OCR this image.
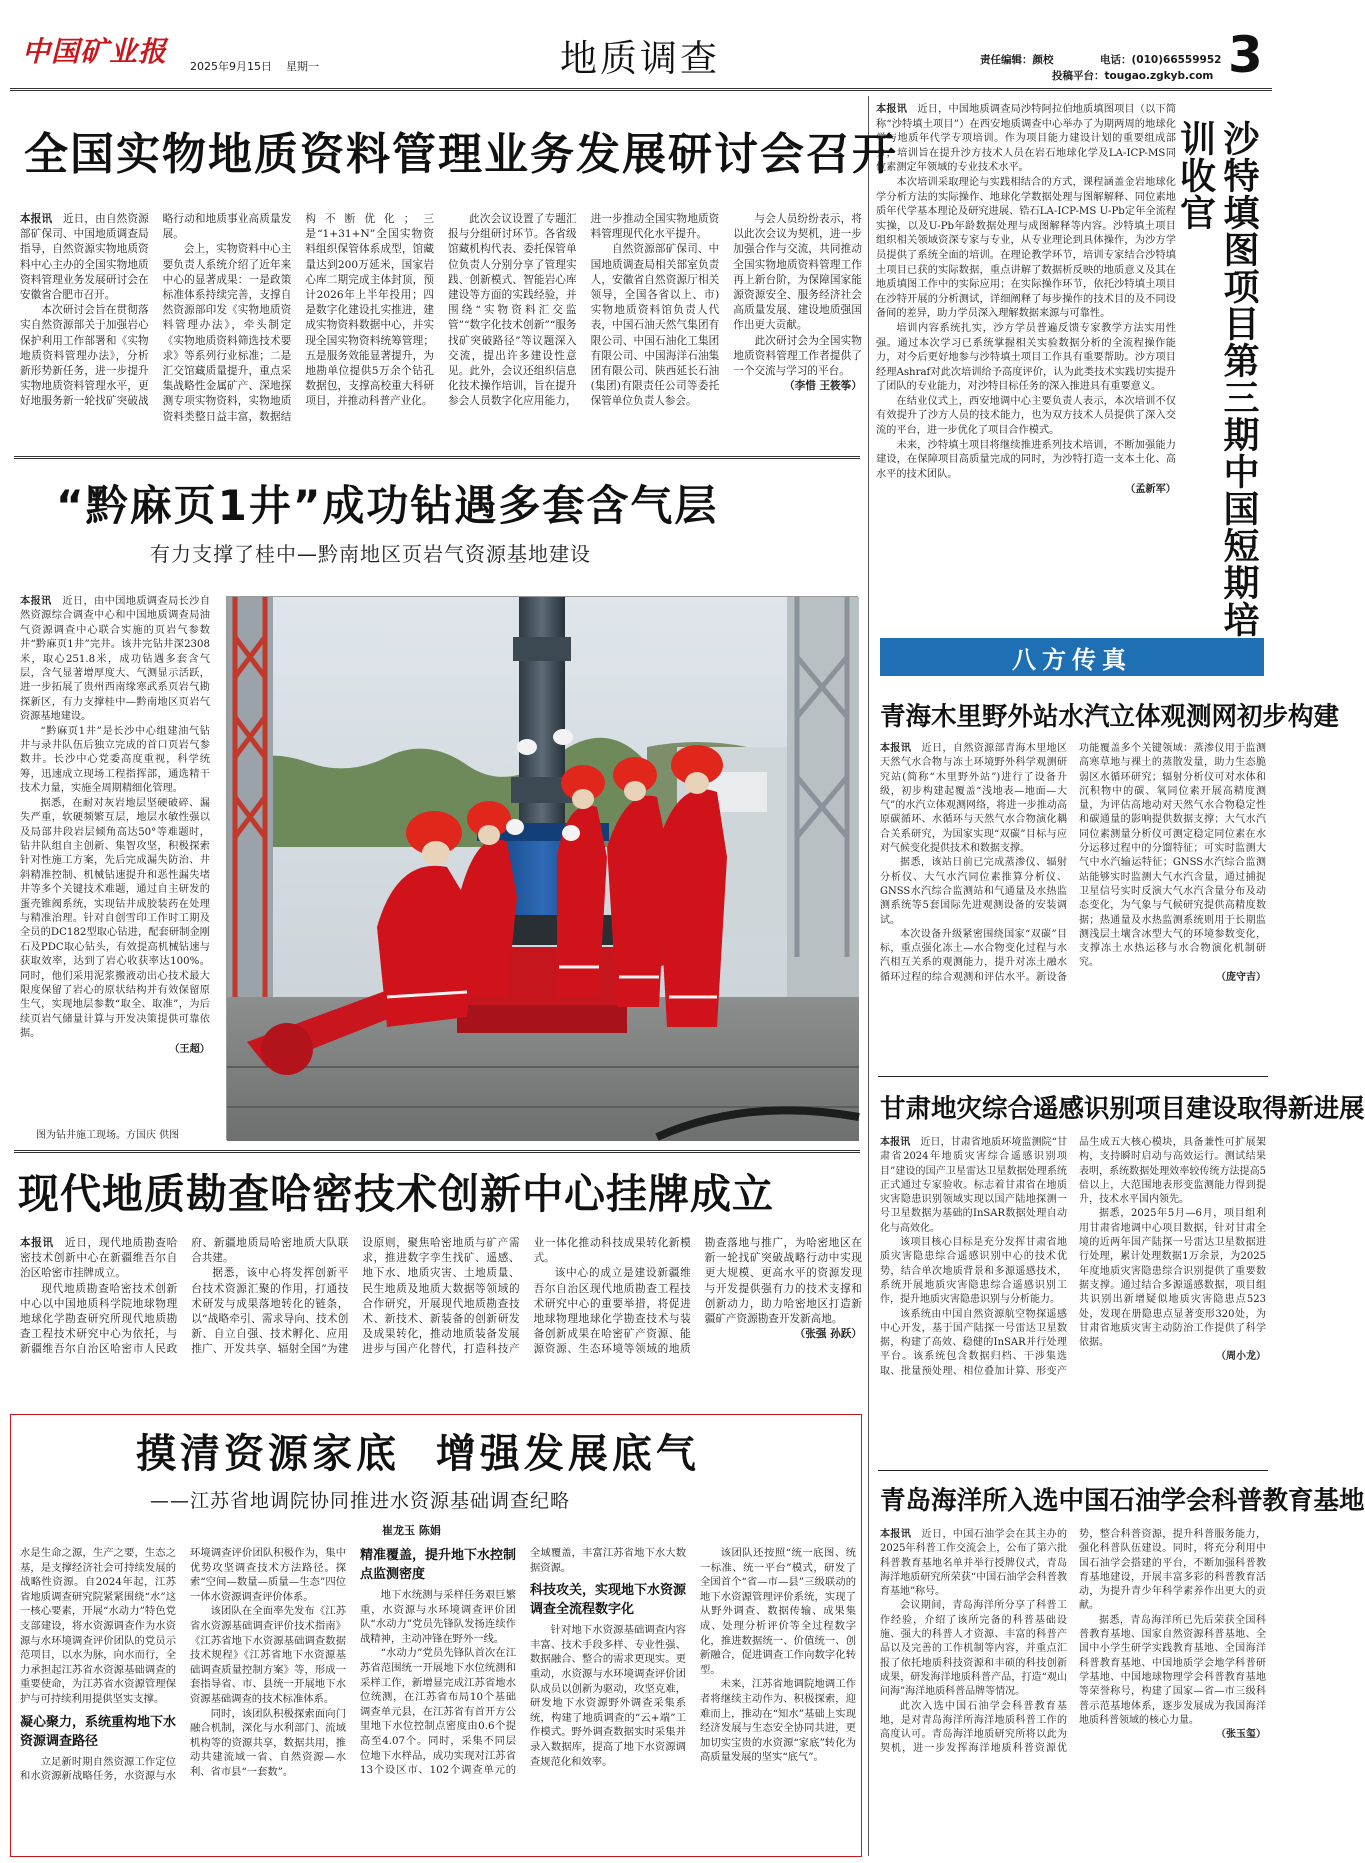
中国矿业报 2025年9月15日 星期一	地质调查	责任编辑：颜校	电话：(010)66559952
投稿平台：tougao.zgkyb.com 3
全国实物地质资料管理业务发展研讨会召开

本报讯　 近日，由自然资源部矿保司、中国地质调查局指导，自然资源实物地质资料中心主办的全国实物地质资料管理业务发展研讨会在安徽省合肥市召开。

本次研讨会旨在贯彻落实自然资源部关于加强岩心保护利用工作部署和《实物地质资料管理办法》，分析新形势新任务，进一步提升实物地质资料管理水平，更好地服务新一轮找矿突破战略行动和地质事业高质量发展。

会上，实物资料中心主要负责人系统介绍了近年来中心的显著成果：一是政策标准体系持续完善，支撑自然资源部印发《实物地质资料管理办法》，牵头制定《实物地质资料筛选技术要求》等系列行业标准；二是汇交馆藏质量提升，重点采集战略性金属矿产、深地探测专项实物资料，实物地质资料类整日益丰富，数据结构不断优化；三是“1+31+N”全国实物资料组织保管体系成型，馆藏量达到200万延米，国家岩心库二期完成主体封顶，预计2026年上半年投用；四是数字化建设扎实推进，建成实物资料数据中心，并实现全国实物资料统筹管理；五是服务效能显著提升，为地勘单位提供5万余个钻孔数据包，支撑高校重大科研项目，并推动科普产业化。

此次会议设置了专题汇报与分组研讨环节。各省级馆藏机构代表、委托保管单位负责人分别分享了管理实践、创新模式、智能岩心库建设等方面的实践经验，并围绕“实物资料汇交监管”“数字化技术创新”“服务找矿突破路径”等议题深入交流，提出许多建设性意见。此外，会议还组织信息化技术操作培训，旨在提升参会人员数字化应用能力，进一步推动全国实物地质资料管理现代化水平提升。

自然资源部矿保司、中国地质调查局相关部室负责人，安徽省自然资源厅相关领导，全国各省以上、市)实物地质资料馆负责人代表，中国石油天然气集团有限公司、中国石油化工集团有限公司、中国海洋石油集团有限公司、陕西延长石油(集团)有限责任公司等委托保管单位负责人参会。

与会人员纷纷表示，将以此次会议为契机，进一步加强合作与交流，共同推动全国实物地质资料管理工作再上新台阶，为保障国家能源资源安全、服务经济社会高质量发展、建设地质强国作出更大贡献。

此次研讨会为全国实物地质资料管理工作者提供了一个交流与学习的平台。

（李惜 王筱筝）

“黔麻页1井”成功钻遇多套含气层
有力支撑了桂中—黔南地区页岩气资源基地建设

本报讯　 近日，由中国地质调查局长沙自然资源综合调查中心和中国地质调查局油气资源调查中心联合实施的页岩气参数井“黔麻页1井”完井。该井完钻井深2308米，取心251.8米，成功钻遇多套含气层，含气显著增厚度大、气测显示活跃，进一步拓展了贵州西南缘寒武系页岩气勘探新区，有力支撑桂中—黔南地区页岩气资源基地建设。

“黔麻页1井”是长沙中心组建油气钻井与录井队伍后独立完成的首口页岩气参数井。长沙中心党委高度重视，科学统筹，迅速成立现场工程指挥部，通选精干技术力量，实施全周期精细化管理。

据悉，在耐对灰岩地层坚硬破碎、漏失严重，软硬频繁互层，地层水敏性强以及局部井段岩层倾角高达50°等难题时，钻井队组自主创新、集智攻坚，积极探索针对性施工方案，先后完成漏失防治、井斜精准控制、机械钻速提升和恶性漏失堵井等多个关键技术难题，通过自主研发的蛋壳锥阀系统，实现钻井成胶装药在处理与精准治理。针对自创雪印工作时工期及全员的DC182型取心钻进，配套研制金刚石及PDC取心钻头，有效提高机械钻速与获取效率，达到了岩心收获率达100%。同时，他们采用泥浆搬液动出心技术最大限度保留了岩心的原状结构并有效保留原生气，实现地层参数“取全、取准”，为后续页岩气储量计算与开发决策提供可靠依据。

（王超）

图为钻井施工现场。方国庆 供图
现代地质勘查哈密技术创新中心挂牌成立

本报讯　 近日，现代地质勘查哈密技术创新中心在新疆维吾尔自治区哈密市挂牌成立。

现代地质勘查哈密技术创新中心以中国地质科学院地球物理地球化学勘查研究所现代地质勘查工程技术研究中心为依托，与新疆维吾尔自治区哈密市人民政府、新疆地质局哈密地质大队联合共建。

据悉，该中心将发挥创新平台技术资源汇聚的作用，打通技术研发与成果落地转化的链条，以“战略牵引、需求导向、技术创新、自立自强、技术孵化、应用推广、开发共享、辐射全国”为建设原则，聚焦哈密地质与矿产需求，推进数字孪生找矿、遥感、地下水、地质灾害、土地质量、民生地质及地质大数据等领域的合作研究，开展现代地质勘查技术、新技术、新装备的创新研发及成果转化，推动地质装备发展进步与国产化替代，打造科技产业一体化推动科技成果转化新模式。

该中心的成立是建设新疆维吾尔自治区现代地质勘查工程技术研究中心的重要举措，将促进地球物理地球化学勘查技术与装备创新成果在哈密矿产资源、能源资源、生态环境等领域的地质勘查落地与推广，为哈密地区在新一轮找矿突破战略行动中实现更大规模、更高水平的资源发现与开发提供强有力的技术支撑和创新动力，助力哈密地区打造新疆矿产资源勘查开发新高地。

（张强 孙跃）

摸清资源家底  增强发展底气
——江苏省地调院协同推进水资源基础调查纪略
崔龙玉 陈娟

水是生命之源，生产之要，生态之基，是支撑经济社会可持续发展的战略性资源。自2024年起，江苏省地质调查研究院紧紧围绕“水”这一核心要素，开展“水动力”特色党支部建设，将水资源调查作为水资源与水环境调查评价团队的党员示范项目，以水为脉，向水而行，全力承担起江苏省水资源基础调查的重要使命，为江苏省水资源管理保护与可持续利用提供坚实支撑。

凝心聚力，系统重构地下水资源调查路径

立足新时期自然资源工作定位和水资源新战略任务，水资源与水环境调查评价团队积极作为，集中优势攻坚调查技术方法路径。探索“空间—数量—质量—生态”四位一体水资源调查评价体系。

该团队在全面率先发布《江苏省水资源基础调查评价技术指南》《江苏省地下水资源基础调查数据技术规程》《江苏省地下水资源基础调查质量控制方案》等，形成一套指导省、市、县统一开展地下水资源基础调查的技术标准体系。

同时，该团队积极探索面向门融合机制，深化与水利部门、流域机构等的资源共享，数据共用，推动共建流域一省、自然资源—水利、省市县“一套数”。

精准覆盖，提升地下水控制点监测密度

地下水统测与采样任务艰巨繁重，水资源与水环境调查评价团队“水动力”党员先锋队发扬连续作战精神，主动冲锋在野外一线。

“水动力”党员先锋队首次在江苏省范围统一开展地下水位统测和采样工作，新增显完成江苏省地水位统测，在江苏省布局10个基础调查单元县，在江苏省有首开方公里地下水位控制点密度由0.6个提高至4.07个。同时，采集不同层位地下水样品，成功实现对江苏省13个设区市、102个调查单元的全域覆盖，丰富江苏省地下水大数据资源。

科技攻关，实现地下水资源调查全流程数字化

针对地下水资源基础调查内容丰富、技术手段多样、专业性强、数据融合、整合的需求更现实。更重动，水资源与水环境调查评价团队成员以创新为驱动，攻坚克难，研发地下水资源野外调查采集系统，构建了地质调查的“云+端”工作模式。野外调查数据实时采集并录入数据库，提高了地下水资源调查规范化和效率。

该团队还按照“统一底图、统一标准、统一平台”模式，研发了全国首个“省—市—县”三级联动的地下水资源管理评价系统，实现了从野外调查、数据传输、成果集成、处理分析评价等全过程数字化，推进数据统一、价值统一、创新融合，促进调查工作向数字化转型。

未来，江苏省地调院地调工作者将继续主动作为、积极探索，迎难而上，推动在“知水”基础上实现经济发展与生态安全协同共进，更加切实宝贵的水资源“家底”转化为高质量发展的坚实“底气”。

本报讯　 近日，中国地质调查局沙特阿拉伯地质填图项目（以下简称“沙特填土项目”）在西安地质调查中心举办了为期两周的地球化学与地质年代学专项培训。作为项目能力建设计划的重要组成部分，培训旨在提升沙方技术人员在岩石地球化学及LA-ICP-MS同位素测定年领域的专业技术水平。

本次培训采取理论与实践相结合的方式，课程涵盖金岩地球化学分析方法的实际操作、地球化学数据处理与图解解释、同位素地质年代学基本理论及研究进展、锆石LA-ICP-MS U-Pb定年全流程实操，以及U-Pb年龄数据处理与成图解释等内容。沙特填土项目组织相关领域资深专家与专业，从专业理论到具体操作，为沙方学员提供了系统全面的培训。在理论教学环节，培训专家结合沙特填土项目已获的实际数据，重点讲解了数据析反映的地质意义及其在地质填图工作中的实际应用；在实际操作环节，依托沙特填土项目在沙特开展的分析测试，详细阐释了每步操作的技术目的及不同设备间的差异，助力学员深入理解数据来源与可靠性。

培训内容系统扎实，沙方学员普遍反馈专家教学方法实用性强。通过本次学习已系统掌握相关实验数据分析的全流程操作能力，对今后更好地参与沙特填土项目工作具有重要帮助。沙方项目经理Ashraf对此次培训给予高度评价，认为此类技术实践切实提升了团队的专业能力，对沙特目标任务的深入推进具有重要意义。

在结业仪式上，西安地调中心主要负责人表示，本次培训不仅有效提升了沙方人员的技术能力，也为双方技术人员提供了深入交流的平台，进一步优化了项目合作模式。

未来，沙特填土项目将继续推进系列技术培训，不断加强能力建设，在保障项目高质量完成的同时，为沙特打造一支本土化、高水平的技术团队。

（孟新军）	沙特填图项目第三期中国短期培训收官
八方传真
青海木里野外站水汽立体观测网初步构建

本报讯　 近日，自然资源部青海木里地区天然气水合物与冻土环境野外科学观测研究站(简称“木里野外站”)进行了设备升级，初步构建起覆盖“浅地表—地面—大气”的水汽立体观测网络，将进一步推动高原碳循环、水循环与天然气水合物演化耦合关系研究，为国家实现“双碳”目标与应对气候变化提供技术和数据支撑。

据悉，该站日前已完成蒸渗仪、辐射分析仪、大气水汽同位素推算分析仪、GNSS水汽综合监测站和气通量及水热监测系统等5套国际先进观测设备的安装调试。

本次设备升级紧密围绕国家“双碳”目标，重点强化冻土—水合物变化过程与水汽相互关系的观测能力，提升对冻土融水循环过程的综合观测和评估水平。新设备功能覆盖多个关键领域：蒸渗仪用于监测高寒草地与裸土的蒸散发量，助力生态脆弱区水循环研究；辐射分析仪可对水体和沉积物中的碳、氧同位素开展高精度测量，为评估高地动对天然气水合物稳定性和碳通量的影响提供数据支撑；大气水汽同位素测量分析仪可测定稳定同位素在水分运移过程中的分馏特征；可实时监测大气中水汽输运特征；GNSS水汽综合监测站能够实时监测大气水汽含量，通过捕捉卫星信号实时反演大气水汽含量分布及动态变化，为气象与气候研究提供高精度数据；热通量及水热监测系统则用于长期监测浅层土壤含冰型大气的环境参数变化，支撑冻土水热运移与水合物演化机制研究。

（庞守吉）

甘肃地灾综合遥感识别项目建设取得新进展

本报讯　 近日，甘肃省地质环境监测院“甘肃省2024年地质灾害综合遥感识别项目”建设的国产卫星雷达卫星数据处理系统正式通过专家验收。标志着甘肃省在地质灾害隐患识别领域实现以国产陆地探测一号卫星数据为基础的InSAR数据处理自动化与高效化。

该项目核心目标是充分发挥甘肃省地质灾害隐患综合遥感识别中心的技术优势，结合单次地质背景和多源遥感技术，系统开展地质灾害隐患综合遥感识别工作，提升地质灾害隐患识别与分析能力。

该系统由中国自然资源航空物探遥感中心开发，基于国产陆探一号雷达卫星数据，构建了高效、稳健的InSAR并行处理平台。该系统包含数据归档、干涉集选取、批量预处理、相位叠加计算、形变产品生成五大核心模块，具备兼性可扩展架构，支持瞬时启动与高效运行。测试结果表明，系统数据处理效率较传统方法提高5倍以上，大范围地表形变监测能力得到提升，技术水平国内领先。

据悉，2025年5月—6月，项目组利用甘肃省地调中心项目数据，针对甘肃全境的近两年国产陆探一号雷达卫星数据进行处理，累计处理数据1万余景，为2025年度地质灾害隐患综合识别提供了重要数据支撑。通过结合多源遥感数据，项目组共识别出新增疑似地质灾害隐患点523处，发现在册隐患点显著变形320处，为甘肃省地质灾害主动防治工作提供了科学依据。

（周小龙）

青岛海洋所入选中国石油学会科普教育基地

本报讯　 近日，中国石油学会在其主办的2025年科普工作交流会上，公布了第六批科普教育基地名单并举行授牌仪式，青岛海洋地质研究所荣获“中国石油学会科普教育基地”称号。

会议期间，青岛海洋所分享了科普工作经验，介绍了该所完备的科普基础设施、强大的科普人才资源、丰富的科普产品以及完善的工作机制等内容，并重点汇报了依托地质科技资源和丰硕的科技创新成果，研发海洋地质科普产品，打造“观山问海”海洋地质科普品牌等情况。

此次入选中国石油学会科普教育基地，是对青岛海洋所海洋地质科普工作的高度认可。青岛海洋地质研究所将以此为契机，进一步发挥海洋地质科普资源优势，整合科普资源，提升科普服务能力，强化科普队伍建设。同时，将充分利用中国石油学会搭建的平台，不断加强科普教育基地建设，开展丰富多彩的科普教育活动，为提升青少年科学素养作出更大的贡献。

据悉，青岛海洋所已先后荣获全国科普教育基地、国家自然资源科普基地、全国中小学生研学实践教育基地、全国海洋科普教育基地、中国地质学会地学科普研学基地、中国地球物理学会科普教育基地等荣誉称号，构建了国家—省—市三级科普示范基地体系，逐步发展成为我国海洋地质科普领域的核心力量。

（张玉玺）
